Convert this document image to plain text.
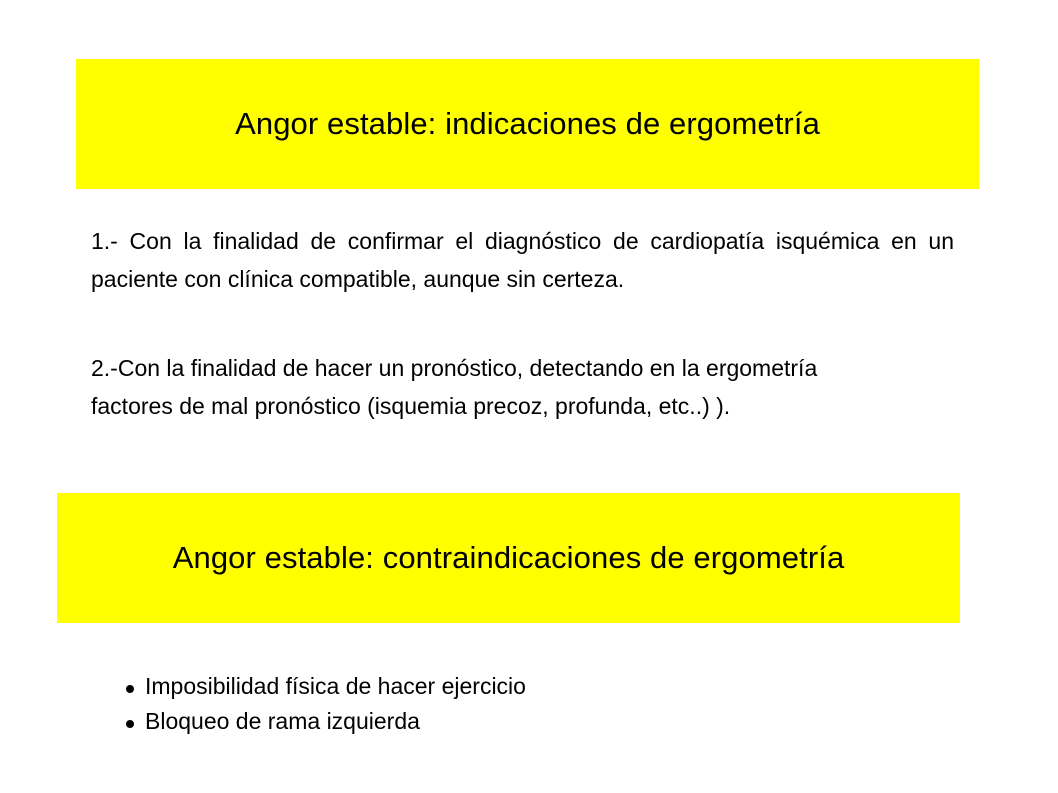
Angor estable: indicaciones de ergometría

1.- Con la finalidad de confirmar el diagnóstico de cardiopatía isquémica en un paciente con clínica compatible, aunque sin certeza.

2.-Con la finalidad de hacer un pronóstico, detectando en la ergometría factores de mal pronóstico (isquemia precoz, profunda, etc..) ).

Angor estable: contraindicaciones de ergometría
Imposibilidad física de hacer ejercicio
Bloqueo de rama izquierda
